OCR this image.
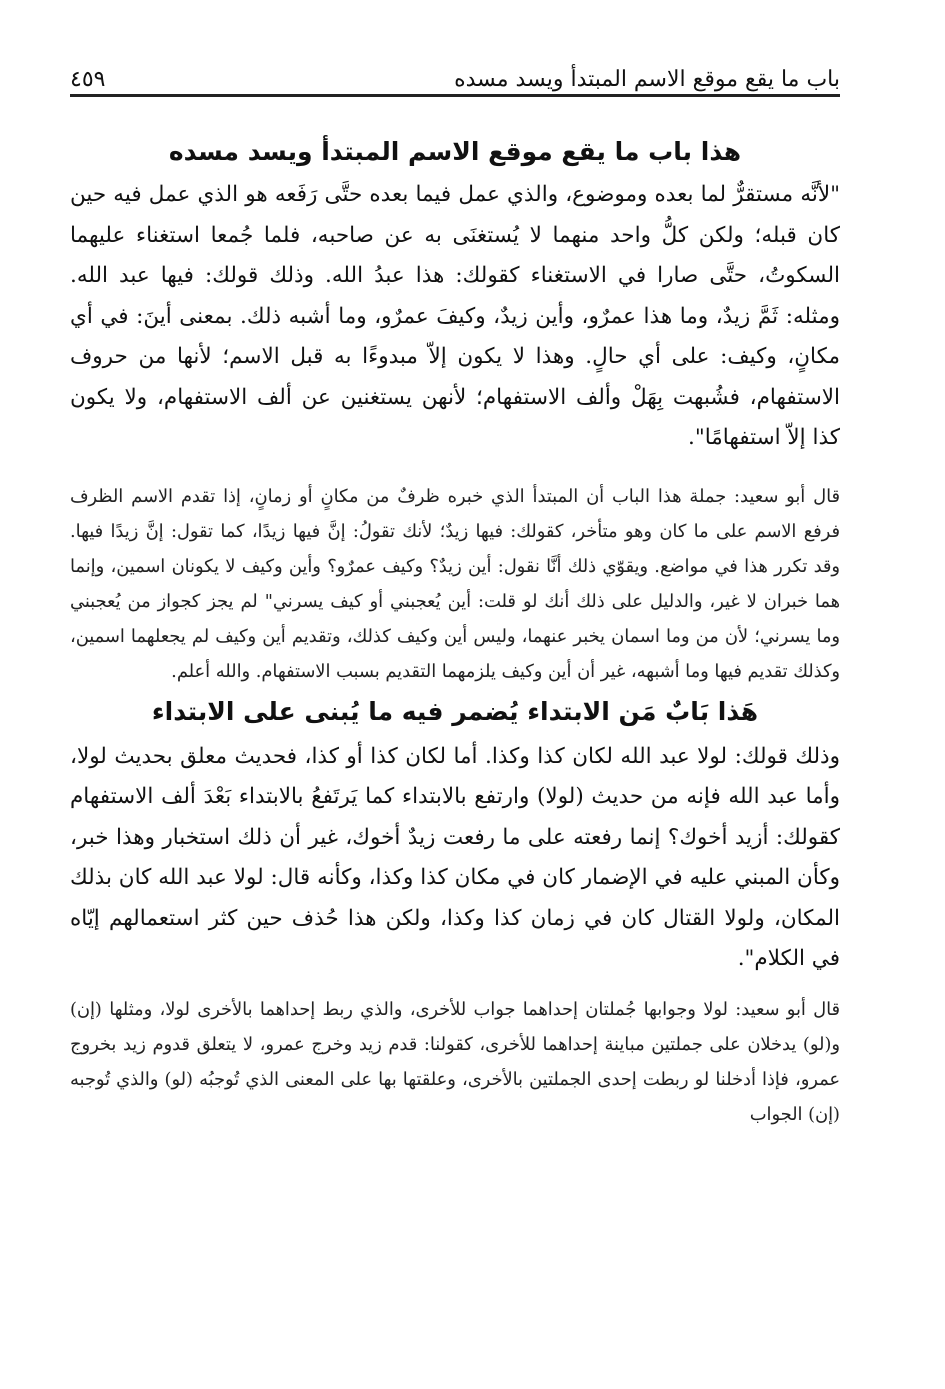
باب ما يقع موقع الاسم المبتدأ ويسد مسده
٤٥٩
هذا باب ما يقع موقع الاسم المبتدأ ويسد مسده

"لأنَّه مستقرٌّ لما بعده وموضوع، والذي عمل فيما بعده حتَّى رَفَعه هو الذي عمل فيه حين كان قبله؛ ولكن كلُّ واحد منهما لا يُستغنَى به عن صاحبه، فلما جُمعا استغناء عليهما السكوتُ، حتَّى صارا في الاستغناء كقولك: هذا عبدُ الله. وذلك قولك: فيها عبد الله. ومثله: ثَمَّ زيدٌ، وما هذا عمرٌو، وأين زيدٌ، وكيفَ عمرٌو، وما أشبه ذلك. بمعنى أينَ: في أي مكانٍ، وكيف: على أي حالٍ. وهذا لا يكون إلاّ مبدوءًا به قبل الاسم؛ لأنها من حروف الاستفهام، فشُبهت بِهَلْ وألف الاستفهام؛ لأنهن يستغنين عن ألف الاستفهام، ولا يكون كذا إلاّ استفهامًا".

قال أبو سعيد: جملة هذا الباب أن المبتدأ الذي خبره ظرفٌ من مكانٍ أو زمانٍ، إذا تقدم الاسم الظرف فرفع الاسم على ما كان وهو متأخر، كقولك: فيها زيدٌ؛ لأنك تقولُ: إنَّ فيها زيدًا، كما تقول: إنَّ زيدًا فيها. وقد تكرر هذا في مواضع. ويقوّي ذلك أنَّا نقول: أين زيدٌ؟ وكيف عمرٌو؟ وأين وكيف لا يكونان اسمين، وإنما هما خبران لا غير، والدليل على ذلك أنك لو قلت: أين يُعجبني أو كيف يسرني" لم يجز كجواز من يُعجبني وما يسرني؛ لأن من وما اسمان يخبر عنهما، وليس أين وكيف كذلك، وتقديم أين وكيف لم يجعلهما اسمين، وكذلك تقديم فيها وما أشبهه، غير أن أين وكيف يلزمهما التقديم بسبب الاستفهام. والله أعلم.

هَذا بَابٌ مَن الابتداء يُضمر فيه ما يُبنى على الابتداء

وذلك قولك: لولا عبد الله لكان كذا وكذا. أما لكان كذا أو كذا، فحديث معلق بحديث لولا، وأما عبد الله فإنه من حديث (لولا) وارتفع بالابتداء كما يَرتَفعُ بالابتداء بَعْدَ ألف الاستفهام كقولك: أزيد أخوك؟ إنما رفعته على ما رفعت زيدٌ أخوك، غير أن ذلك استخبار وهذا خبر، وكأن المبني عليه في الإضمار كان في مكان كذا وكذا، وكأنه قال: لولا عبد الله كان بذلك المكان، ولولا القتال كان في زمان كذا وكذا، ولكن هذا حُذف حين كثر استعمالهم إيّاه في الكلام".

قال أبو سعيد: لولا وجوابها جُملتان إحداهما جواب للأخرى، والذي ربط إحداهما بالأخرى لولا، ومثلها (إن) و(لو) يدخلان على جملتين مباينة إحداهما للأخرى، كقولنا: قدم زيد وخرج عمرو، لا يتعلق قدوم زيد بخروج عمرو، فإذا أدخلنا لو ربطت إحدى الجملتين بالأخرى، وعلقتها بها على المعنى الذي تُوجبُه (لو) والذي تُوجبه (إن) الجواب
